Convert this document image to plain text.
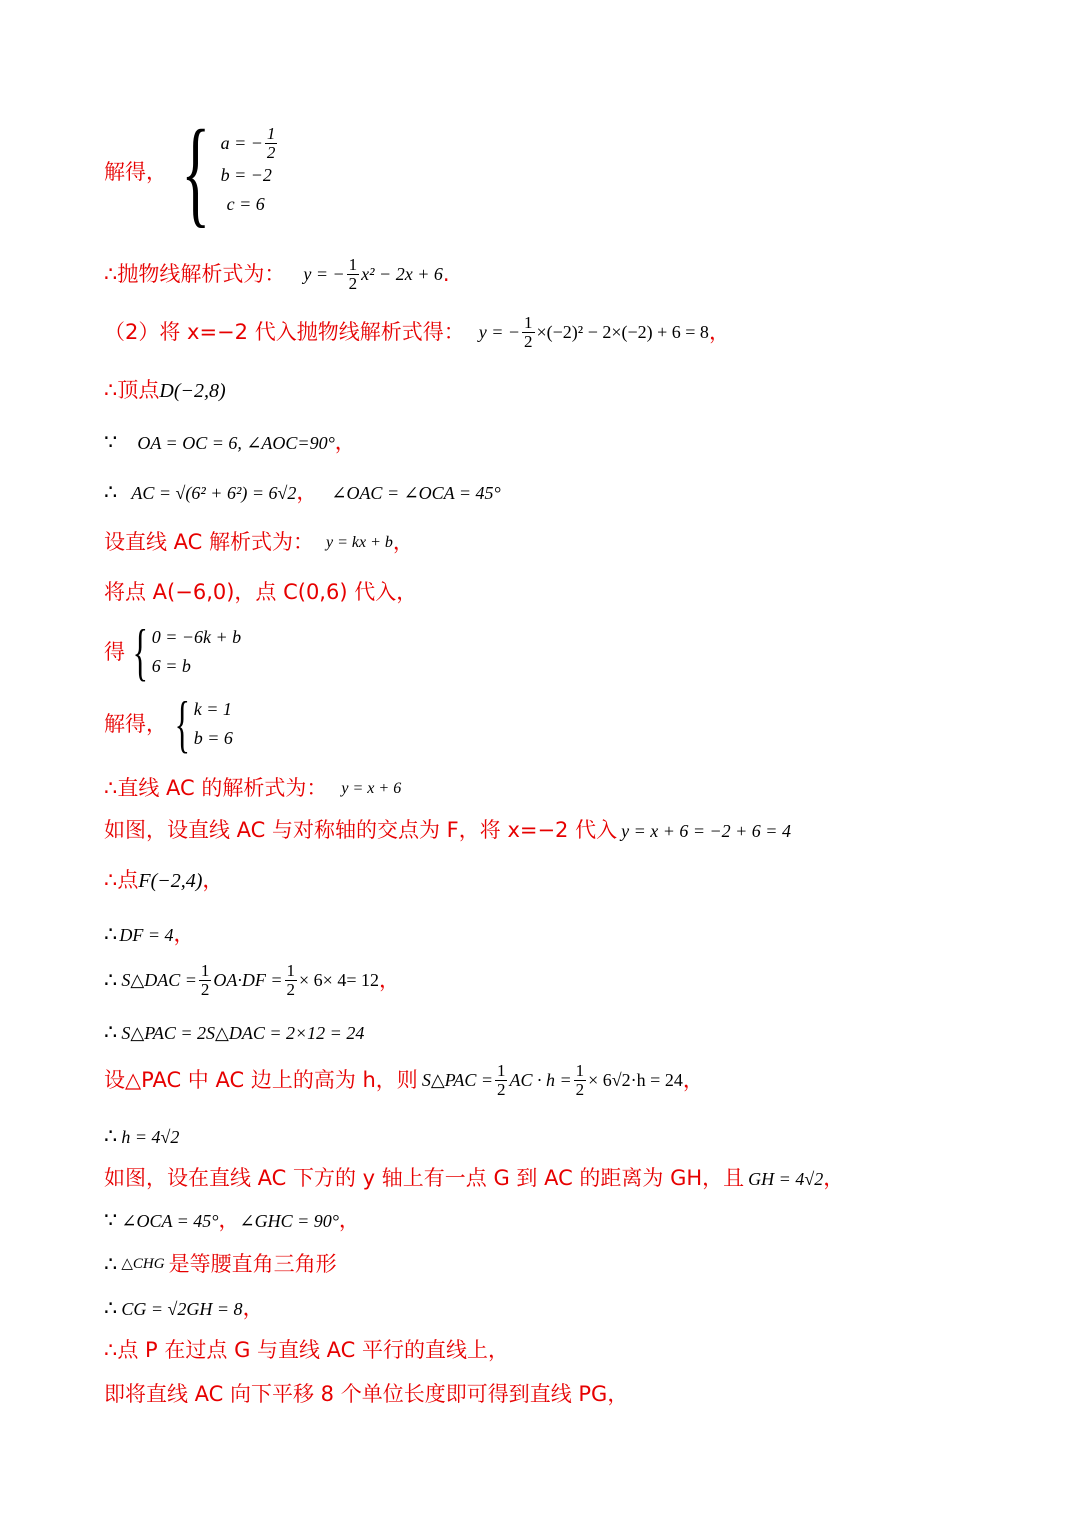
解得， { a = − $\frac{1}{2}$
b = −2
c = 6
∴ 抛物线解析式为： y = − $\frac{1}{2} x^2 - 2x + 6$ .
（2）将 x=−2 代入抛物线解析式得： y = − $\frac{1}{2} \times(-2)^2 - 2\times(-2) + 6 = 8$ ，
∴ 顶点 D(−2,8)
∵ OA = OC = 6, ∠AOC=90° ，
∴ AC = √(6² + 6²) = 6√2 ， ∠OAC = ∠OCA = 45°
设直线 AC 解析式为： y = kx + b ，
将点 A(−6,0)，点 C(0,6) 代入，
得 { 0 = −6k + b
6 = b
解得， { k = 1
b = 6
∴ 直线 AC 的解析式为： y = x + 6
如图，设直线 AC 与对称轴的交点为 F，将 x=−2 代入 y = x + 6 = −2 + 6 = 4
∴ 点 F(−2,4) ，
∴ DF = 4 ，
∴ S△DAC = $\frac{1}{2} OA\cdot DF = \frac{1}{2} \times 6\times 4= 12$ ，
∴ S△PAC = 2S△DAC = 2×12 = 24
设△PAC 中 AC 边上的高为 h，则 S△PAC = $\frac{1}{2}$ AC · $h = \frac{1}{2} \times 6√2\cdot h = 24$ ，
∴ h = 4√2
如图，设在直线 AC 下方的 y 轴上有一点 G 到 AC 的距离为 GH，且 GH = 4√2 ，
∵ ∠OCA = 45° ， ∠GHC = 90° ，
∴ △CHG 是等腰直角三角形
∴ CG = √2GH = 8 ，
∴ 点 P 在过点 G 与直线 AC 平行的直线上，
即将直线 AC 向下平移 8 个单位长度即可得到直线 PG，
